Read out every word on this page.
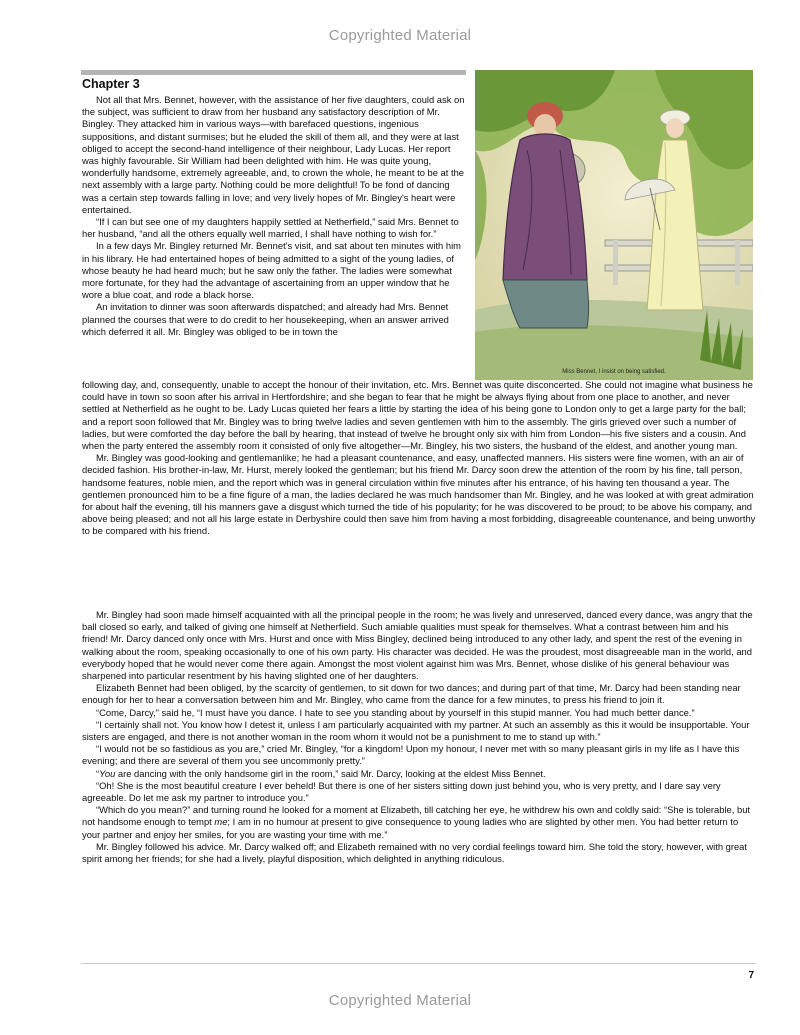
Copyrighted Material
Chapter 3
Miss Bennet, I insist on being satisfied.

Not all that Mrs. Bennet, however, with the assistance of her five daughters, could ask on the subject, was sufficient to draw from her husband any satisfactory description of Mr. Bingley. They attacked him in various ways—with barefaced questions, ingenious suppositions, and distant surmises; but he eluded the skill of them all, and they were at last obliged to accept the second-hand intelligence of their neighbour, Lady Lucas. Her report was highly favourable. Sir William had been delighted with him. He was quite young, wonderfully handsome, extremely agreeable, and, to crown the whole, he meant to be at the next assembly with a large party. Nothing could be more delightful! To be fond of dancing was a certain step towards falling in love; and very lively hopes of Mr. Bingley's heart were entertained.

“If I can but see one of my daughters happily settled at Netherfield,” said Mrs. Bennet to her husband, “and all the others equally well married, I shall have nothing to wish for.”

In a few days Mr. Bingley returned Mr. Bennet's visit, and sat about ten minutes with him in his library. He had entertained hopes of being admitted to a sight of the young ladies, of whose beauty he had heard much; but he saw only the father. The ladies were somewhat more fortunate, for they had the advantage of ascertaining from an upper window that he wore a blue coat, and rode a black horse.

An invitation to dinner was soon afterwards dispatched; and already had Mrs. Bennet planned the courses that were to do credit to her housekeeping, when an answer arrived which deferred it all. Mr. Bingley was obliged to be in town the

following day, and, consequently, unable to accept the honour of their invitation, etc. Mrs. Bennet was quite disconcerted. She could not imagine what business he could have in town so soon after his arrival in Hertfordshire; and she began to fear that he might be always flying about from one place to another, and never settled at Netherfield as he ought to be. Lady Lucas quieted her fears a little by starting the idea of his being gone to London only to get a large party for the ball; and a report soon followed that Mr. Bingley was to bring twelve ladies and seven gentlemen with him to the assembly. The girls grieved over such a number of ladies, but were comforted the day before the ball by hearing, that instead of twelve he brought only six with him from London—his five sisters and a cousin. And when the party entered the assembly room it consisted of only five altogether—Mr. Bingley, his two sisters, the husband of the eldest, and another young man.

Mr. Bingley was good-looking and gentlemanlike; he had a pleasant countenance, and easy, unaffected manners. His sisters were fine women, with an air of decided fashion. His brother-in-law, Mr. Hurst, merely looked the gentleman; but his friend Mr. Darcy soon drew the attention of the room by his fine, tall person, handsome features, noble mien, and the report which was in general circulation within five minutes after his entrance, of his having ten thousand a year. The gentlemen pronounced him to be a fine figure of a man, the ladies declared he was much handsomer than Mr. Bingley, and he was looked at with great admiration for about half the evening, till his manners gave a disgust which turned the tide of his popularity; for he was discovered to be proud; to be above his company, and above being pleased; and not all his large estate in Derbyshire could then save him from having a most forbidding, disagreeable countenance, and being unworthy to be compared with his friend.

Mr. Bingley had soon made himself acquainted with all the principal people in the room; he was lively and unreserved, danced every dance, was angry that the ball closed so early, and talked of giving one himself at Netherfield. Such amiable qualities must speak for themselves. What a contrast between him and his friend! Mr. Darcy danced only once with Mrs. Hurst and once with Miss Bingley, declined being introduced to any other lady, and spent the rest of the evening in walking about the room, speaking occasionally to one of his own party. His character was decided. He was the proudest, most disagreeable man in the world, and everybody hoped that he would never come there again. Amongst the most violent against him was Mrs. Bennet, whose dislike of his general behaviour was sharpened into particular resentment by his having slighted one of her daughters.

Elizabeth Bennet had been obliged, by the scarcity of gentlemen, to sit down for two dances; and during part of that time, Mr. Darcy had been standing near enough for her to hear a conversation between him and Mr. Bingley, who came from the dance for a few minutes, to press his friend to join it.

“Come, Darcy,” said he, “I must have you dance. I hate to see you standing about by yourself in this stupid manner. You had much better dance.”

“I certainly shall not. You know how I detest it, unless I am particularly acquainted with my partner. At such an assembly as this it would be insupportable. Your sisters are engaged, and there is not another woman in the room whom it would not be a punishment to me to stand up with.”

“I would not be so fastidious as you are,” cried Mr. Bingley, “for a kingdom! Upon my honour, I never met with so many pleasant girls in my life as I have this evening; and there are several of them you see uncommonly pretty.”

“You are dancing with the only handsome girl in the room,” said Mr. Darcy, looking at the eldest Miss Bennet.

“Oh! She is the most beautiful creature I ever beheld! But there is one of her sisters sitting down just behind you, who is very pretty, and I dare say very agreeable. Do let me ask my partner to introduce you.”

“Which do you mean?” and turning round he looked for a moment at Elizabeth, till catching her eye, he withdrew his own and coldly said: “She is tolerable, but not handsome enough to tempt me; I am in no humour at present to give consequence to young ladies who are slighted by other men. You had better return to your partner and enjoy her smiles, for you are wasting your time with me.”

Mr. Bingley followed his advice. Mr. Darcy walked off; and Elizabeth remained with no very cordial feelings toward him. She told the story, however, with great spirit among her friends; for she had a lively, playful disposition, which delighted in anything ridiculous.

7
Copyrighted Material
